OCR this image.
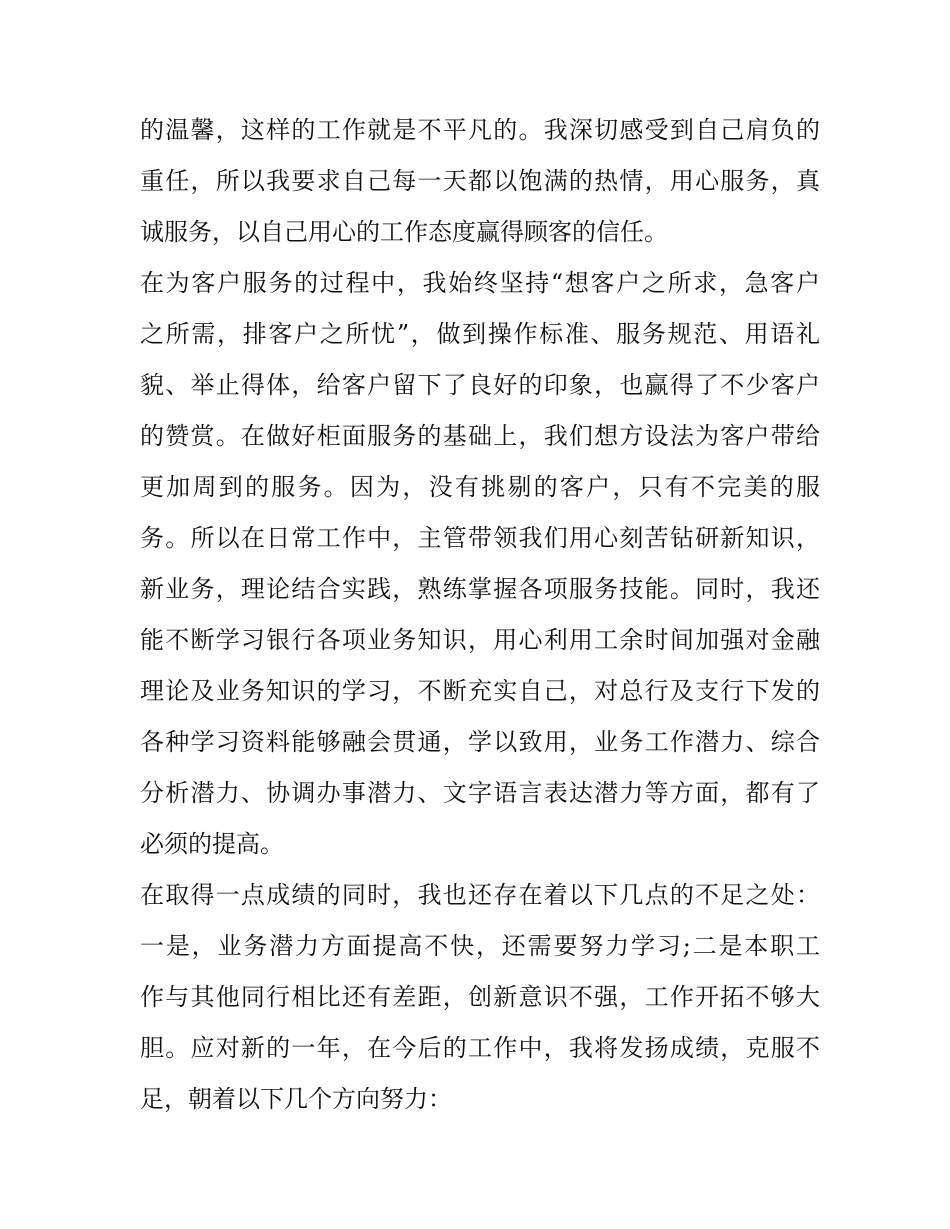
的温馨，这样的工作就是不平凡的。我深切感受到自己肩负的
重任，所以我要求自己每一天都以饱满的热情，用心服务，真
诚服务，以自己用心的工作态度赢得顾客的信任。
在为客户服务的过程中，我始终坚持“想客户之所求，急客户
之所需，排客户之所忧”，做到操作标准、服务规范、用语礼
貌、举止得体，给客户留下了良好的印象，也赢得了不少客户
的赞赏。在做好柜面服务的基础上，我们想方设法为客户带给
更加周到的服务。因为，没有挑剔的客户，只有不完美的服
务。所以在日常工作中，主管带领我们用心刻苦钻研新知识，
新业务，理论结合实践，熟练掌握各项服务技能。同时，我还
能不断学习银行各项业务知识，用心利用工余时间加强对金融
理论及业务知识的学习，不断充实自己，对总行及支行下发的
各种学习资料能够融会贯通，学以致用，业务工作潜力、综合
分析潜力、协调办事潜力、文字语言表达潜力等方面，都有了
必须的提高。
在取得一点成绩的同时，我也还存在着以下几点的不足之处：
一是，业务潜力方面提高不快，还需要努力学习;二是本职工
作与其他同行相比还有差距，创新意识不强，工作开拓不够大
胆。应对新的一年，在今后的工作中，我将发扬成绩，克服不
足，朝着以下几个方向努力：
